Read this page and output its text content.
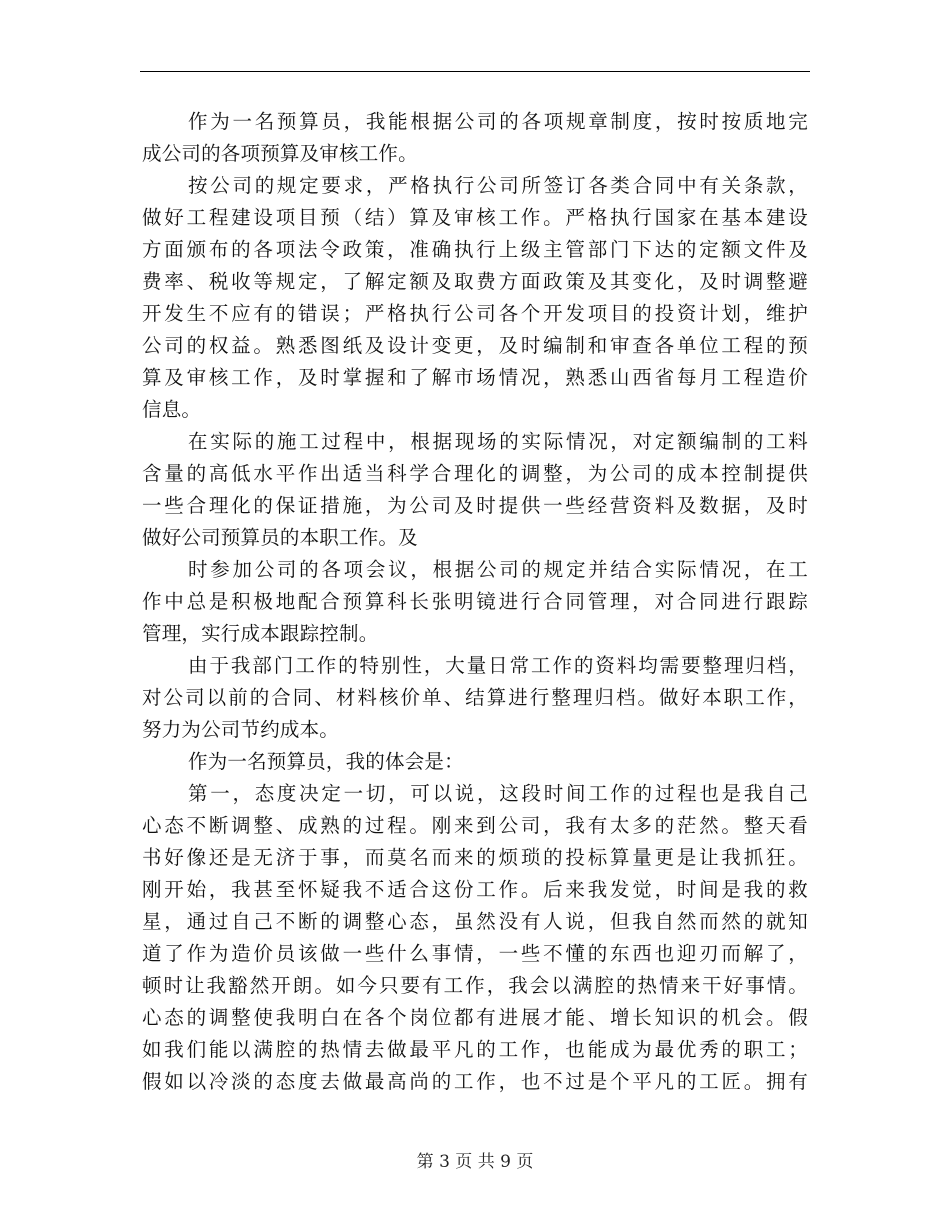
作为一名预算员，我能根据公司的各项规章制度，按时按质地完
成公司的各项预算及审核工作。
按公司的规定要求，严格执行公司所签订各类合同中有关条款，
做好工程建设项目预（结）算及审核工作。严格执行国家在基本建设
方面颁布的各项法令政策，准确执行上级主管部门下达的定额文件及
费率、税收等规定，了解定额及取费方面政策及其变化，及时调整避
开发生不应有的错误；严格执行公司各个开发项目的投资计划，维护
公司的权益。熟悉图纸及设计变更，及时编制和审查各单位工程的预
算及审核工作，及时掌握和了解市场情况，熟悉山西省每月工程造价
信息。
在实际的施工过程中，根据现场的实际情况，对定额编制的工料
含量的高低水平作出适当科学合理化的调整，为公司的成本控制提供
一些合理化的保证措施，为公司及时提供一些经营资料及数据，及时
做好公司预算员的本职工作。及
时参加公司的各项会议，根据公司的规定并结合实际情况，在工
作中总是积极地配合预算科长张明镜进行合同管理，对合同进行跟踪
管理，实行成本跟踪控制。
由于我部门工作的特别性，大量日常工作的资料均需要整理归档，
对公司以前的合同、材料核价单、结算进行整理归档。做好本职工作，
努力为公司节约成本。
作为一名预算员，我的体会是：
第一，态度决定一切，可以说，这段时间工作的过程也是我自己
心态不断调整、成熟的过程。刚来到公司，我有太多的茫然。整天看
书好像还是无济于事，而莫名而来的烦琐的投标算量更是让我抓狂。
刚开始，我甚至怀疑我不适合这份工作。后来我发觉，时间是我的救
星，通过自己不断的调整心态，虽然没有人说，但我自然而然的就知
道了作为造价员该做一些什么事情，一些不懂的东西也迎刃而解了，
顿时让我豁然开朗。如今只要有工作，我会以满腔的热情来干好事情。
心态的调整使我明白在各个岗位都有进展才能、增长知识的机会。假
如我们能以满腔的热情去做最平凡的工作，也能成为最优秀的职工；
假如以冷淡的态度去做最高尚的工作，也不过是个平凡的工匠。拥有
第 3 页 共 9 页
